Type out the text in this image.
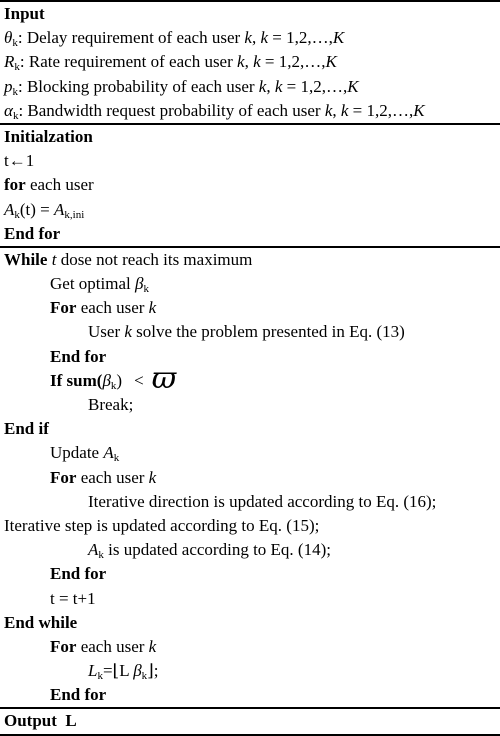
Input
$\theta_k$: Delay requirement of each user k, k = 1,2,…,K
$R_k$: Rate requirement of each user k, k = 1,2,…,K
$p_k$: Blocking probability of each user k, k = 1,2,…,K
$\alpha_k$: Bandwidth request probability of each user k, k = 1,2,…,K
Initialzation
t←1
for each user
$A_k(t) = A_{k,ini}$
End for
While t dose not reach its maximum
Get optimal $\beta_k$
For each user k
User k solve the problem presented in Eq. (13)
End for
If $sum(\beta_k) < ϖ$
Break;
End if
Update $A_k$
For each user k
Iterative direction is updated according to Eq. (16);
Iterative step is updated according to Eq. (15);
$A_k$ is updated according to Eq. (14);
End for
t = t+1
End while
For each user k
$L_k=⌊L$ $\beta_k⌋$;
End for
Output L
